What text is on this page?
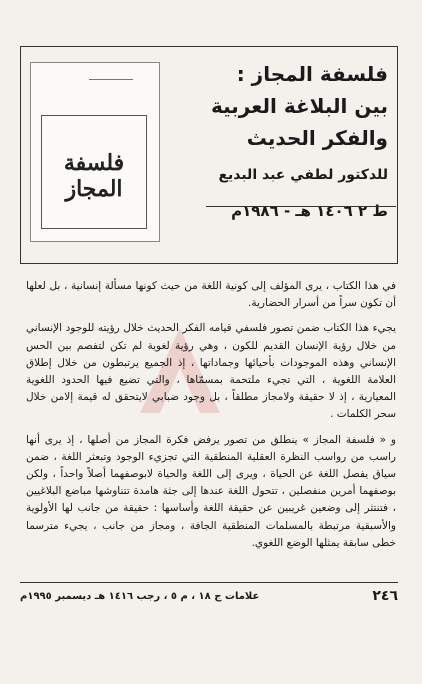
فلسفة المجاز
فلسفة المجاز :
بين البلاغة العربية
والفكر الحديث
للدكتور لطفي عبد البديع
ط ٢ ١٤٠٦ هـ - ١٩٨٦م

في هذا الكتاب ، يرى المؤلف إلى كونية اللغة من حيث كونها مسألة إنسانية ، بل لعلها أن تكون سراً من أسرار الحضارية.

يجيء هذا الكتاب ضمن تصور فلسفي قيامه الفكر الحديث خلال رؤيته للوجود الإنساني من خلال رؤية الإنسان القديم للكون ، وهي رؤية لغوية لم تكن لتفصم بين الحس الإنساني وهذه الموجودات بأحيائها وجماداتها ، إذ الجميع يرتبطون من خلال إطلاق العلامة اللغوية ، التي تجيء ملتحمة بمسمّاها ، والتي تضيع فيها الحدود اللغوية المعيارية ، إذ لا حقيقة ولامجاز مطلقاً ، بل وجود ضبابي لايتحقق له قيمة إلامن خلال سحر الكلمات .

و « فلسفة المجاز » ينطلق من تصور يرفض فكرة المجاز من أصلها ، إذ يرى أنها راسب من رواسب النظرة العقلية المنطقية التي تجزيء الوجود وتبعثر اللغة ، ضمن سياق يفصل اللغة عن الحياة ، ويرى إلى اللغة والحياة لابوصفهما أصلاً واحداً ، ولكن بوصفهما أمرين منفصلين ، تتحول اللغة عندها إلى جثة هامدة تتناوشها مباضع البلاغيين ، فتنتثر إلى وضعين غريبين عن حقيقة اللغة وأساسها : حقيقة من جانب لها الأولوية والأسبقية مرتبطة بالمسلمات المنطقية الجافة ، ومجاز من جانب ، يجيء مترسما خطى سابقة يمثلها الوضع اللغوي.

٢٤٦
علامات ج ١٨ ، م ٥ ، رجب ١٤١٦ هـ ديسمبر ١٩٩٥م
